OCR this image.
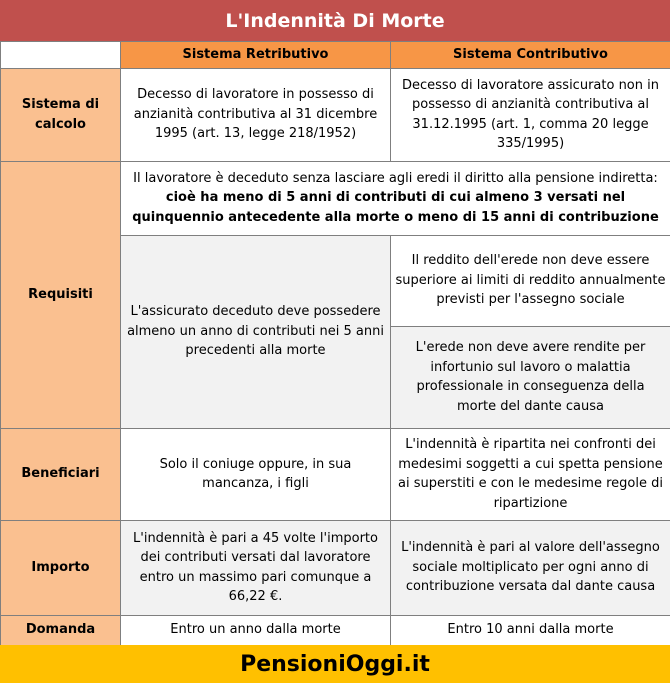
L'Indennità Di Morte
	Sistema Retributivo	Sistema Contributivo
Sistema di calcolo	Decesso di lavoratore in possesso di anzianità contributiva al 31 dicembre 1995 (art. 13, legge 218/1952)	Decesso di lavoratore assicurato non in possesso di anzianità contributiva al 31.12.1995 (art. 1, comma 20 legge 335/1995)
Requisiti	Il lavoratore è deceduto senza lasciare agli eredi il diritto alla pensione indiretta: cioè ha meno di 5 anni di contributi di cui almeno 3 versati nel quinquennio antecedente alla morte o meno di 15 anni di contribuzione	
	L'assicurato deceduto deve possedere almeno un anno di contributi nei 5 anni precedenti alla morte	Il reddito dell'erede non deve essere superiore ai limiti di reddito annualmente previsti per l'assegno sociale
		L'erede non deve avere rendite per infortunio sul lavoro o malattia professionale in conseguenza della morte del dante causa
Beneficiari	Solo il coniuge oppure, in sua mancanza, i figli	L'indennità è ripartita nei confronti dei medesimi soggetti a cui spetta pensione ai superstiti e con le medesime regole di ripartizione
Importo	L'indennità è pari a 45 volte l'importo dei contributi versati dal lavoratore entro un massimo pari comunque a 66,22 €.	L'indennità è pari al valore dell'assegno sociale moltiplicato per ogni anno di contribuzione versata dal dante causa
Domanda	Entro un anno dalla morte	Entro 10 anni dalla morte
PensioniOggi.it
